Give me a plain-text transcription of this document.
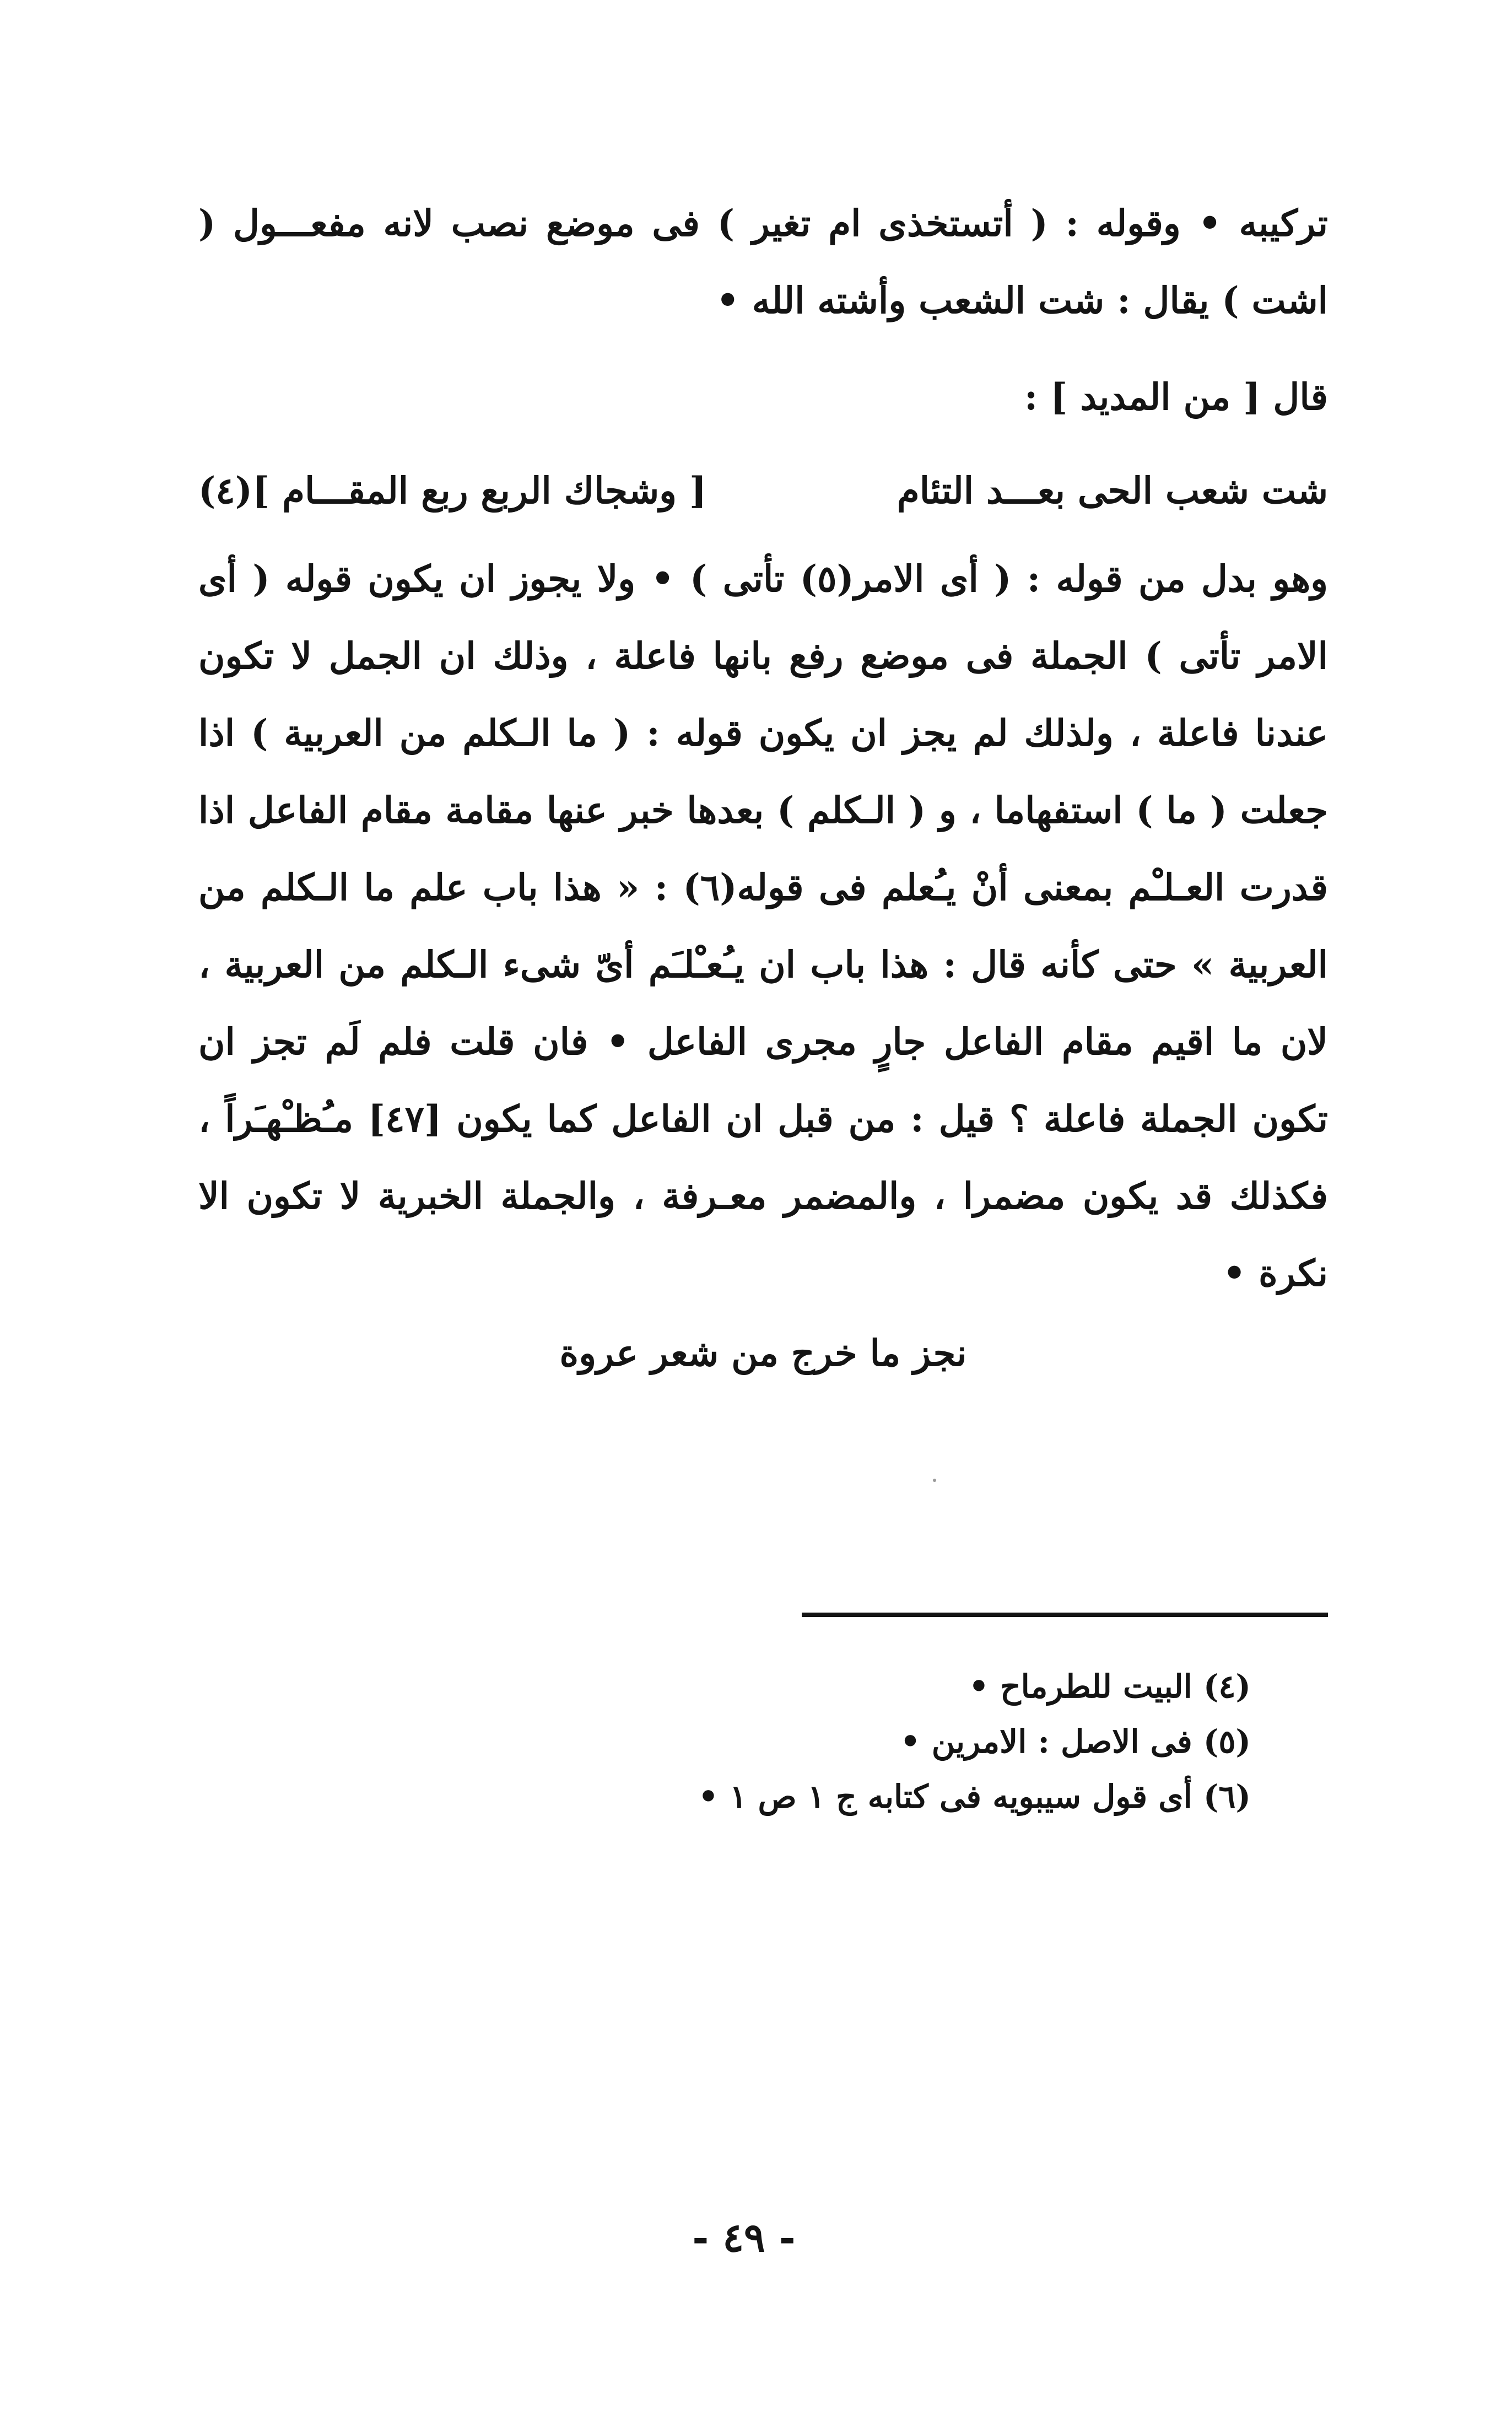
تركيبه • وقوله : ( أتستخذى ام تغير ) فى موضع نصب لانه مفعـــول ( اشت ) يقال : شت الشعب وأشته الله •

قال [ من المديد ] :

شت شعب الحى بعـــد التئام
[ وشجاك الربع ربع المقـــام ](٤)

وهو بدل من قوله : ( أى الامر(٥) تأتى ) • ولا يجوز ان يكون قوله ( أى الامر تأتى ) الجملة فى موضع رفع بانها فاعلة ، وذلك ان الجمل لا تكون عندنا فاعلة ، ولذلك لم يجز ان يكون قوله : ( ما الـكلم من العربية ) اذا جعلت ( ما ) استفهاما ، و ( الـكلم ) بعدها خبر عنها مقامة مقام الفاعل اذا قدرت العـلـْم بمعنى أنْ يـُعلم فى قوله(٦) : « هذا باب علم ما الـكلم من العربية » حتى كأنه قال : هذا باب ان يـُعـْلـَم أىّ شىء الـكلم من العربية ، لان ما اقيم مقام الفاعل جارٍ مجرى الفاعل • فان قلت فلم لَم تجز ان تكون الجملة فاعلة ؟ قيل : من قبل ان الفاعل كما يكون [٤٧] مـُظـْهـَراً ، فكذلك قد يكون مضمرا ، والمضمر معـرفة ، والجملة الخبرية لا تكون الا نكرة •

نجز ما خرج من شعر عروة
(٤) البيت للطرماح •
(٥) فى الاصل : الامرين •
(٦) أى قول سيبويه فى كتابه ج ١ ص ١ •
- ٤٩ -
